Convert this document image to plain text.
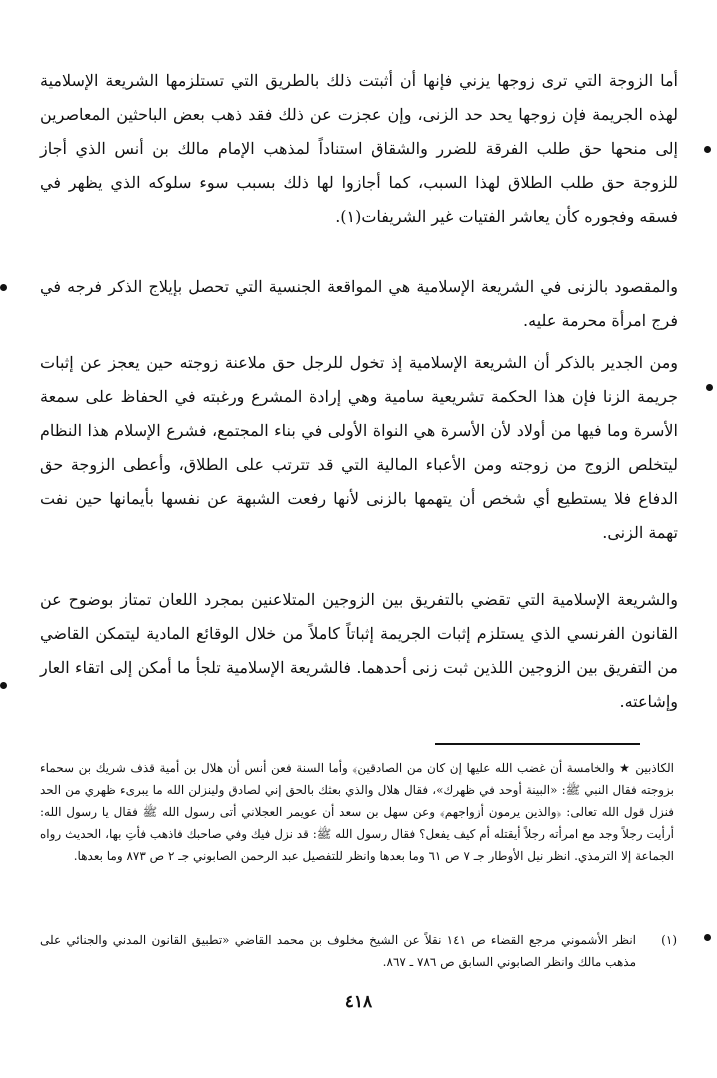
أما الزوجة التي ترى زوجها يزني فإنها أن أثبتت ذلك بالطريق التي تستلزمها الشريعة الإسلامية لهذه الجريمة فإن زوجها يحد حد الزنى، وإن عجزت عن ذلك فقد ذهب بعض الباحثين المعاصرين إلى منحها حق طلب الفرقة للضرر والشقاق استناداً لمذهب الإمام مالك بن أنس الذي أجاز للزوجة حق طلب الطلاق لهذا السبب، كما أجازوا لها ذلك بسبب سوء سلوكه الذي يظهر في فسقه وفجوره كأن يعاشر الفتيات غير الشريفات(١).

والمقصود بالزنى في الشريعة الإسلامية هي المواقعة الجنسية التي تحصل بإيلاج الذكر فرجه في فرج امرأة محرمة عليه.

ومن الجدير بالذكر أن الشريعة الإسلامية إذ تخول للرجل حق ملاعنة زوجته حين يعجز عن إثبات جريمة الزنا فإن هذا الحكمة تشريعية سامية وهي إرادة المشرع ورغبته في الحفاظ على سمعة الأسرة وما فيها من أولاد لأن الأسرة هي النواة الأولى في بناء المجتمع، فشرع الإسلام هذا النظام ليتخلص الزوج من زوجته ومن الأعباء المالية التي قد تترتب على الطلاق، وأعطى الزوجة حق الدفاع فلا يستطيع أي شخص أن يتهمها بالزنى لأنها رفعت الشبهة عن نفسها بأيمانها حين نفت تهمة الزنى.

والشريعة الإسلامية التي تقضي بالتفريق بين الزوجين المتلاعنين بمجرد اللعان تمتاز بوضوح عن القانون الفرنسي الذي يستلزم إثبات الجريمة إثباتاً كاملاً من خلال الوقائع المادية ليتمكن القاضي من التفريق بين الزوجين اللذين ثبت زنى أحدهما. فالشريعة الإسلامية تلجأ ما أمكن إلى اتقاء العار وإشاعته.

الكاذبين ★ والخامسة أن غضب الله عليها إن كان من الصادقين﴾ وأما السنة فعن أنس أن هلال بن أمية قذف شريك بن سحماء بزوجته فقال النبي ﷺ: «البينة أوحد في ظهرك»، فقال هلال والذي بعثك بالحق إني لصادق ولينزلن الله ما يبرىء ظهري من الحد فنزل قول الله تعالى: ﴿والذين يرمون أزواجهم﴾ وعن سهل بن سعد أن عويمر العجلاني أتى رسول الله ﷺ فقال يا رسول الله: أرأيت رجلاً وجد مع امرأته رجلاً أيقتله أم كيف يفعل؟ فقال رسول الله ﷺ: قد نزل فيك وفي صاحبك فاذهب فأتِ بها، الحديث رواه الجماعة إلا الترمذي. انظر نيل الأوطار جـ ٧ ص ٦١ وما بعدها وانظر للتفصيل عبد الرحمن الصابوني جـ ٢ ص ٨٧٣ وما بعدها.

(١)

انظر الأشموني مرجع القضاء ص ١٤١ نقلاً عن الشيخ مخلوف بن محمد القاضي «تطبيق القانون المدني والجنائي على مذهب مالك وانظر الصابوني السابق ص ٧٨٦ ـ ٨٦٧.

٤١٨
